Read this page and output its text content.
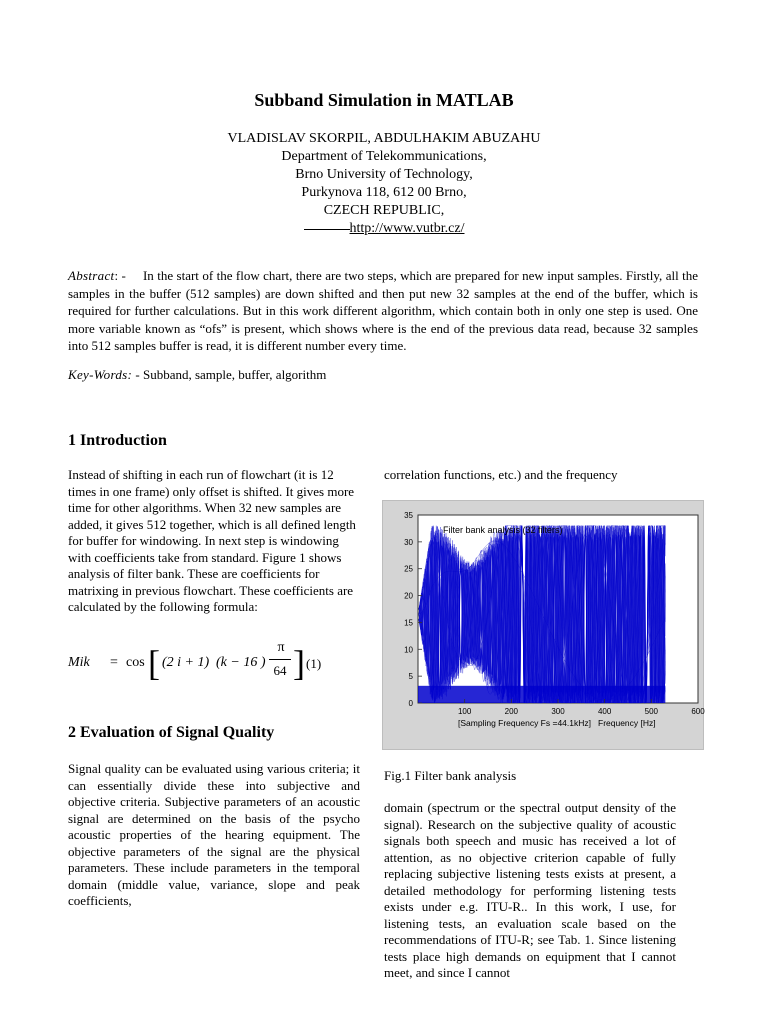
Subband Simulation in MATLAB
VLADISLAV SKORPIL, ABDULHAKIM ABUZAHU
Department of Telekommunications,
Brno University of Technology,
Purkynova 118, 612 00 Brno,
CZECH REPUBLIC,
http://www.vutbr.cz/
Abstract: - In the start of the flow chart, there are two steps, which are prepared for new input samples. Firstly, all the samples in the buffer (512 samples) are down shifted and then put new 32 samples at the end of the buffer, which is required for further calculations. But in this work different algorithm, which contain both in only one step is used. One more variable known as “ofs” is present, which shows where is the end of the previous data read, because 32 samples into 512 samples buffer is read, it is different number every time.
Key-Words: - Subband, sample, buffer, algorithm
1 Introduction
Instead of shifting in each run of flowchart (it is 12 times in one frame) only offset is shifted. It gives more time for other algorithms. When 32 new samples are added, it gives 512 together, which is all defined length for buffer for windowing. In next step is windowing with coefficients take from standard. Figure 1 shows analysis of filter bank. These are coefficients for matrixing in previous flowchart. These coefficients are calculated by the following formula:
Mik = cos [ (2 i + 1) (k − 16 )
π
64 ] (1)
2 Evaluation of Signal Quality
Signal quality can be evaluated using various criteria; it can essentially divide these into subjective and objective criteria. Subjective parameters of an acoustic signal are determined on the basis of the psycho acoustic properties of the hearing equipment. The objective parameters of the signal are the physical parameters. These include parameters in the temporal domain (middle value, variance, slope and peak coefficients,
correlation functions, etc.) and the frequency
0
5
10
15
20
25
30
35
100	200	300	400	500	600
Filter bank analysis (32 filters)
[Sampling Frequency Fs =44.1kHz] Frequency [Hz]
Fig.1 Filter bank analysis
domain (spectrum or the spectral output density of the signal). Research on the subjective quality of acoustic signals both speech and music has received a lot of attention, as no objective criterion capable of fully replacing subjective listening tests exists at present, a detailed methodology for performing listening tests exists under e.g. ITU-R.. In this work, I use, for listening tests, an evaluation scale based on the recommendations of ITU-R; see Tab. 1. Since listening tests place high demands on equipment that I cannot meet, and since I cannot
